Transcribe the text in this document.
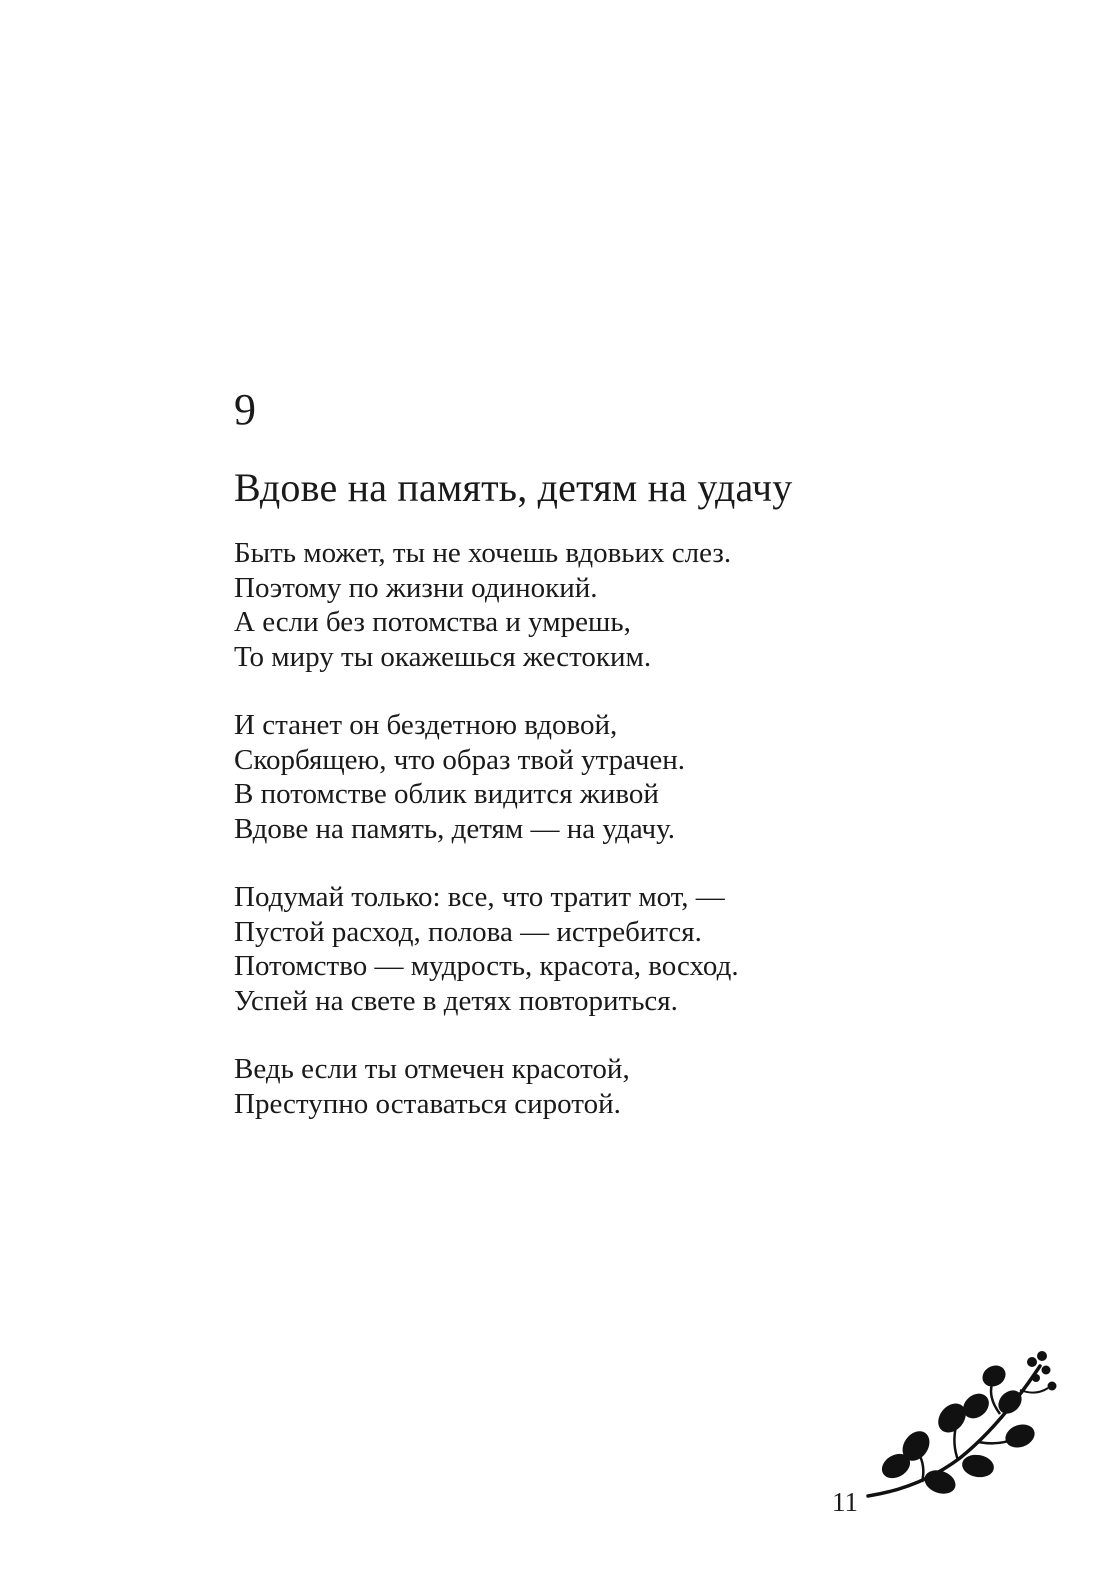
9
Вдове на память, детям на удачу
Быть может, ты не хочешь вдовьих слез.
Поэтому по жизни одинокий.
А если без потомства и умрешь,
То миру ты окажешься жестоким.
И станет он бездетною вдовой,
Скорбящею, что образ твой утрачен.
В потомстве облик видится живой
Вдове на память, детям — на удачу.
Подумай только: все, что тратит мот, —
Пустой расход, полова — истребится.
Потомство — мудрость, красота, восход.
Успей на свете в детях повториться.
Ведь если ты отмечен красотой,
Преступно оставаться сиротой.
11
